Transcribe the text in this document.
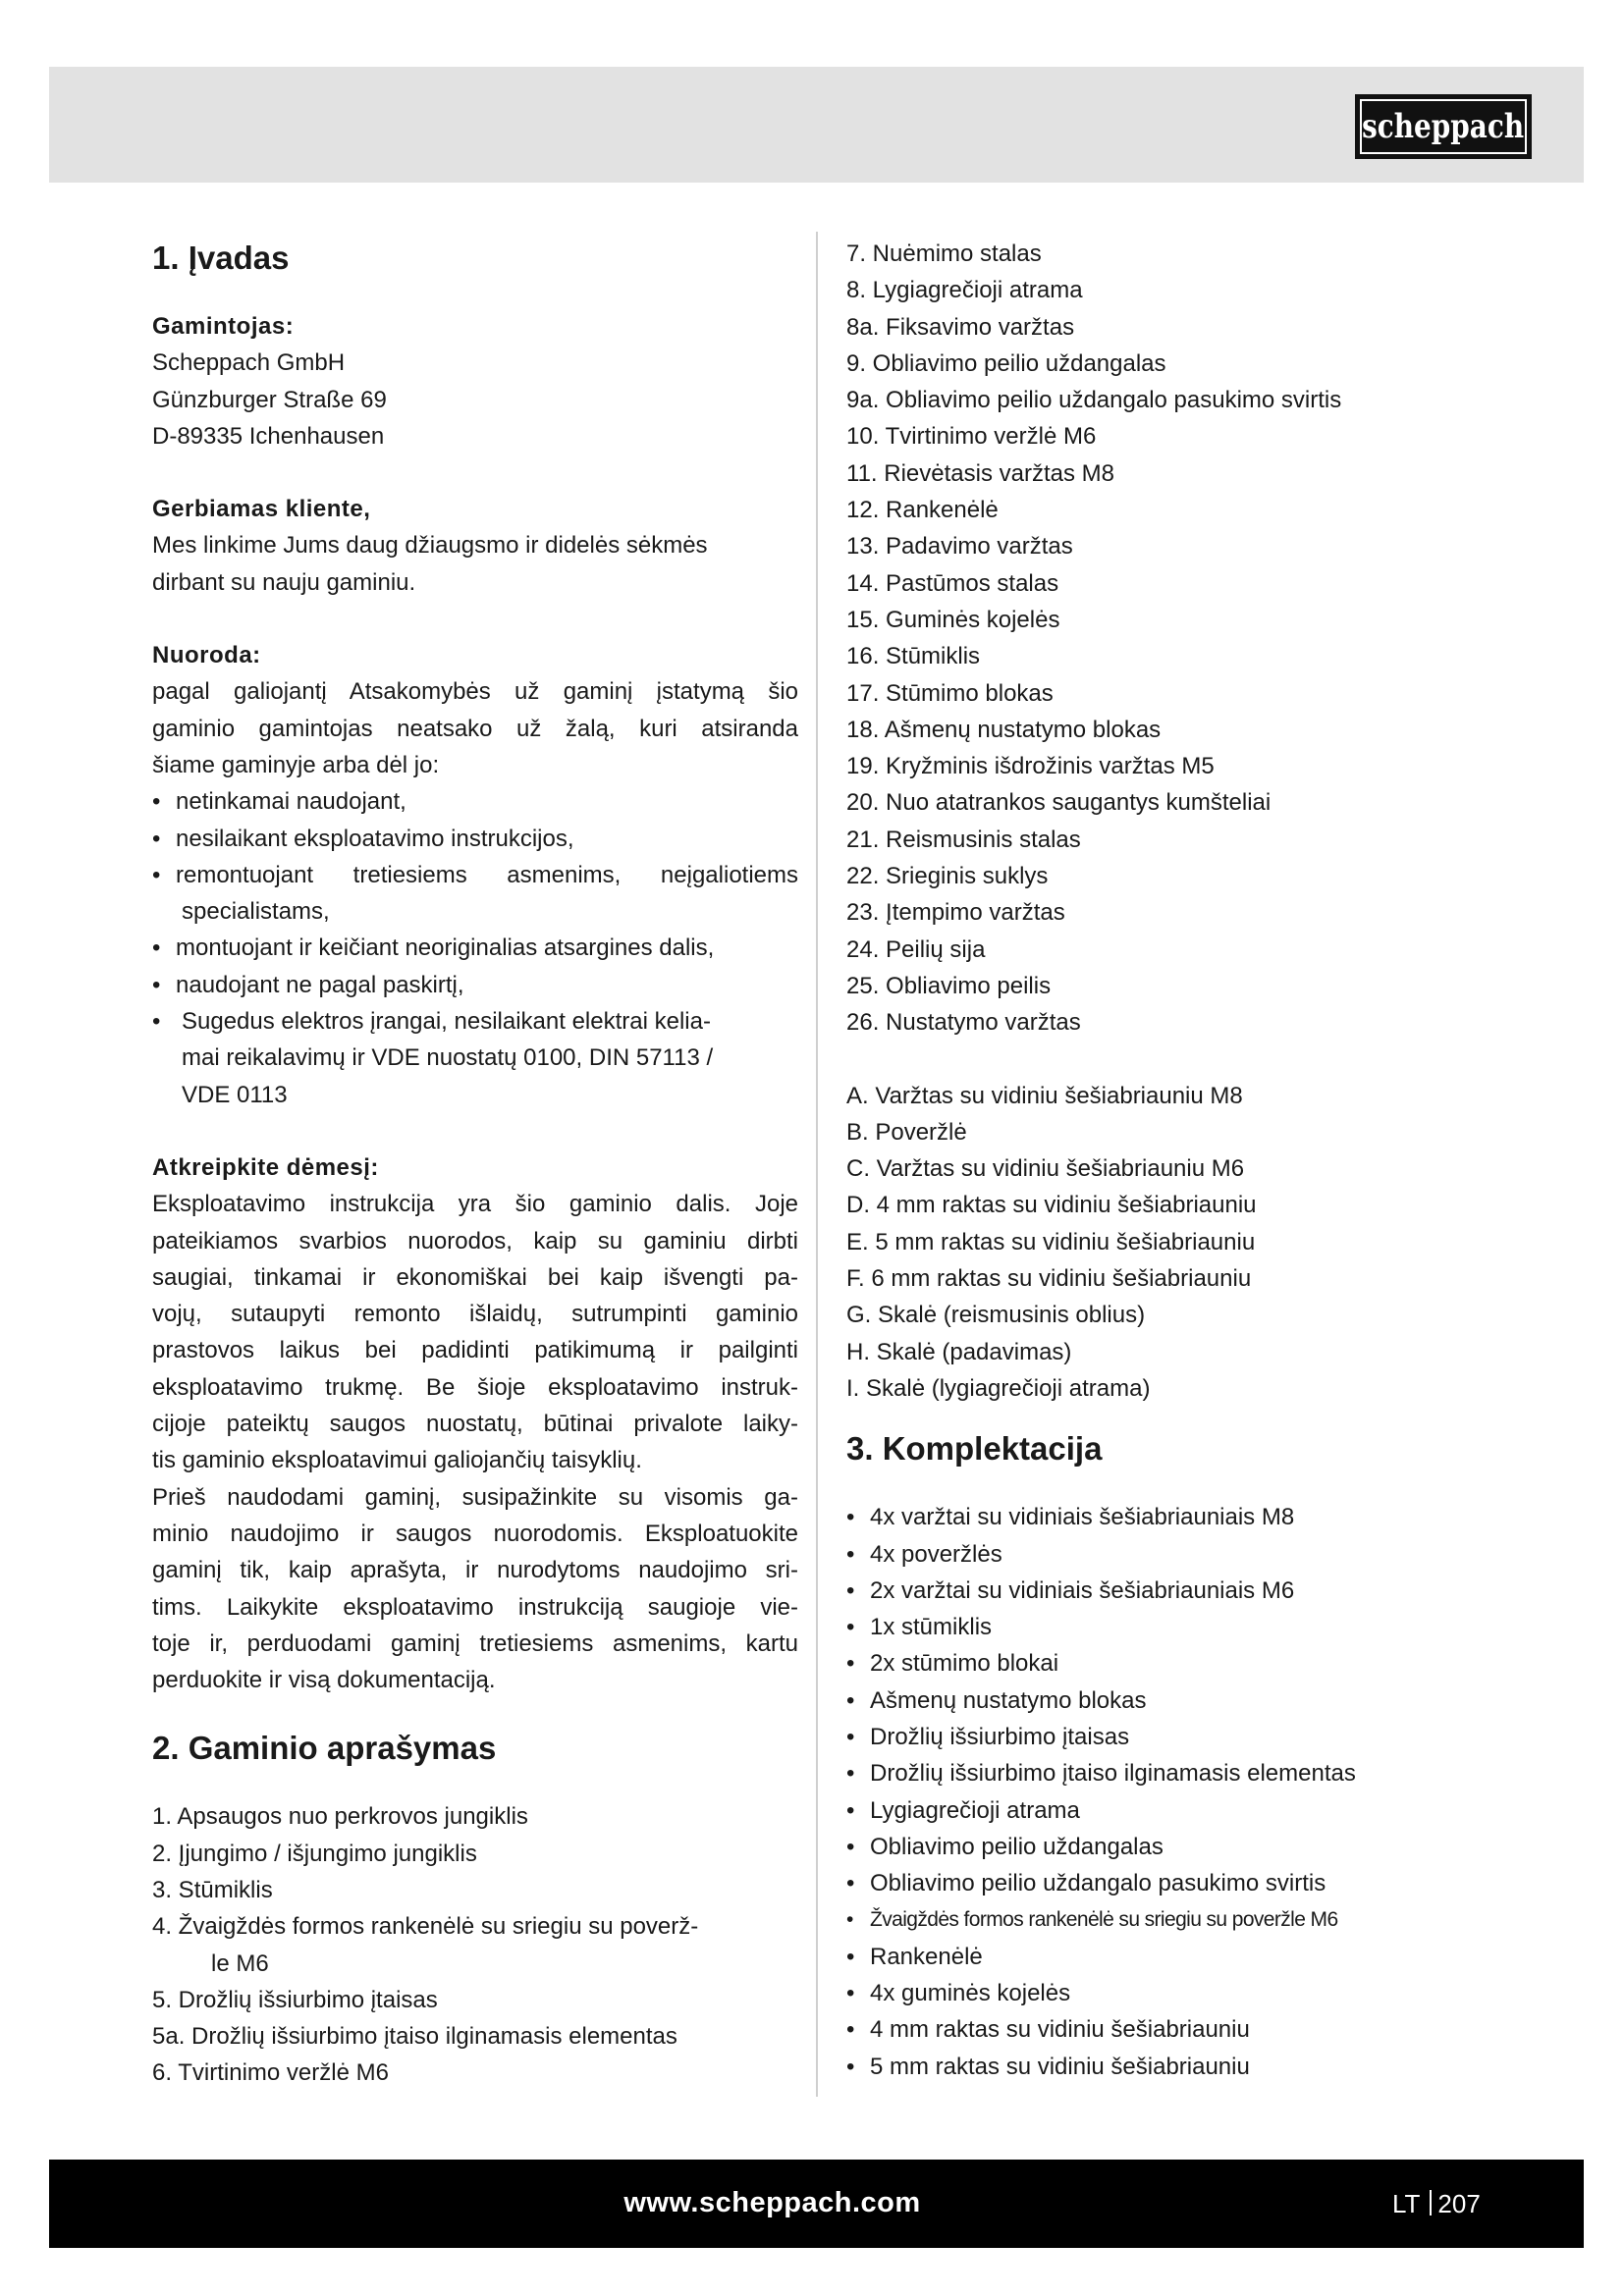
scheppach
1. Įvadas
Gamintojas:
Scheppach GmbH
Günzburger Straße 69
D-89335 Ichenhausen
Gerbiamas kliente,
Mes linkime Jums daug džiaugsmo ir didelės sėkmės
dirbant su nauju gaminiu.
Nuoroda:
pagal galiojantį Atsakomybės už gaminį įstatymą šio
gaminio gamintojas neatsako už žalą, kuri atsiranda
šiame gaminyje arba dėl jo:
• netinkamai naudojant,
• nesilaikant eksploatavimo instrukcijos,
• remontuojant tretiesiems asmenims, neįgaliotiems
specialistams,
• montuojant ir keičiant neoriginalias atsargines dalis,
• naudojant ne pagal paskirtį,
• Sugedus elektros įrangai, nesilaikant elektrai kelia-
mai reikalavimų ir VDE nuostatų 0100, DIN 57113 /
VDE 0113
Atkreipkite dėmesį:
Eksploatavimo instrukcija yra šio gaminio dalis. Joje
pateikiamos svarbios nuorodos, kaip su gaminiu dirbti
saugiai, tinkamai ir ekonomiškai bei kaip išvengti pa-
vojų, sutaupyti remonto išlaidų, sutrumpinti gaminio
prastovos laikus bei padidinti patikimumą ir pailginti
eksploatavimo trukmę. Be šioje eksploatavimo instruk-
cijoje pateiktų saugos nuostatų, būtinai privalote laiky-
tis gaminio eksploatavimui galiojančių taisyklių.
Prieš naudodami gaminį, susipažinkite su visomis ga-
minio naudojimo ir saugos nuorodomis. Eksploatuokite
gaminį tik, kaip aprašyta, ir nurodytoms naudojimo sri-
tims. Laikykite eksploatavimo instrukciją saugioje vie-
toje ir, perduodami gaminį tretiesiems asmenims, kartu
perduokite ir visą dokumentaciją.
2. Gaminio aprašymas
1. Apsaugos nuo perkrovos jungiklis
2. Įjungimo / išjungimo jungiklis
3. Stūmiklis
4. Žvaigždės formos rankenėlė su sriegiu su poverž-
le M6
5. Drožlių išsiurbimo įtaisas
5a. Drožlių išsiurbimo įtaiso ilginamasis elementas
6. Tvirtinimo veržlė M6
7. Nuėmimo stalas
8. Lygiagrečioji atrama
8a. Fiksavimo varžtas
9. Obliavimo peilio uždangalas
9a. Obliavimo peilio uždangalo pasukimo svirtis
10. Tvirtinimo veržlė M6
11. Rievėtasis varžtas M8
12. Rankenėlė
13. Padavimo varžtas
14. Pastūmos stalas
15. Guminės kojelės
16. Stūmiklis
17. Stūmimo blokas
18. Ašmenų nustatymo blokas
19. Kryžminis išdrožinis varžtas M5
20. Nuo atatrankos saugantys kumšteliai
21. Reismusinis stalas
22. Srieginis suklys
23. Įtempimo varžtas
24. Peilių sija
25. Obliavimo peilis
26. Nustatymo varžtas
A. Varžtas su vidiniu šešiabriauniu M8
B. Poveržlė
C. Varžtas su vidiniu šešiabriauniu M6
D. 4 mm raktas su vidiniu šešiabriauniu
E. 5 mm raktas su vidiniu šešiabriauniu
F. 6 mm raktas su vidiniu šešiabriauniu
G. Skalė (reismusinis oblius)
H. Skalė (padavimas)
I. Skalė (lygiagrečioji atrama)
3. Komplektacija
• 4x varžtai su vidiniais šešiabriauniais M8
• 4x poveržlės
• 2x varžtai su vidiniais šešiabriauniais M6
• 1x stūmiklis
• 2x stūmimo blokai
• Ašmenų nustatymo blokas
• Drožlių išsiurbimo įtaisas
• Drožlių išsiurbimo įtaiso ilginamasis elementas
• Lygiagrečioji atrama
• Obliavimo peilio uždangalas
• Obliavimo peilio uždangalo pasukimo svirtis
• Žvaigždės formos rankenėlė su sriegiu su poveržle M6
• Rankenėlė
• 4x guminės kojelės
• 4 mm raktas su vidiniu šešiabriauniu
• 5 mm raktas su vidiniu šešiabriauniu
www.scheppach.com	LT 207
